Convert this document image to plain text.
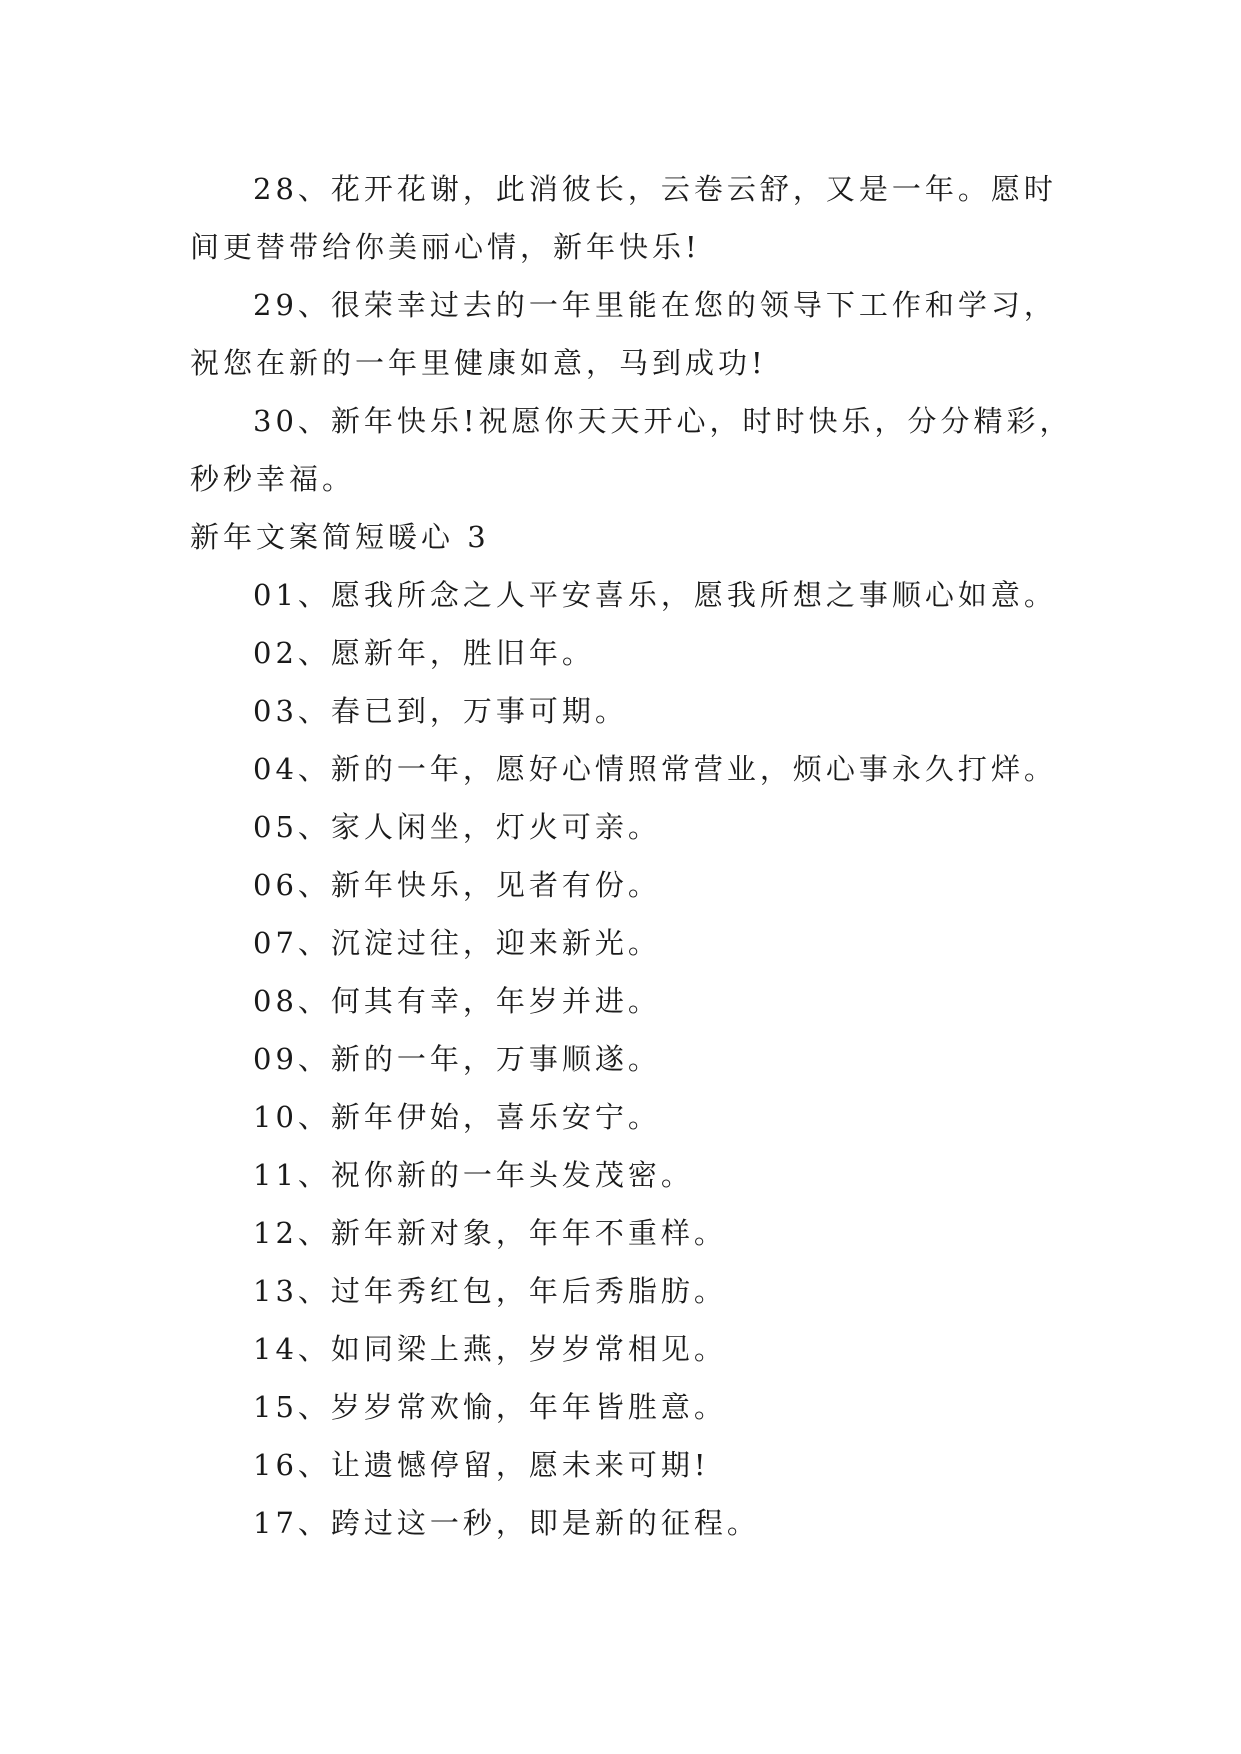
28、花开花谢，此消彼长，云卷云舒，又是一年。愿时间更替带给你美丽心情，新年快乐!

29、很荣幸过去的一年里能在您的领导下工作和学习，祝您在新的一年里健康如意，马到成功!

30、新年快乐!祝愿你天天开心，时时快乐，分分精彩，秒秒幸福。

新年文案简短暖心 3

01、愿我所念之人平安喜乐，愿我所想之事顺心如意。

02、愿新年，胜旧年。

03、春已到，万事可期。

04、新的一年，愿好心情照常营业，烦心事永久打烊。

05、家人闲坐，灯火可亲。

06、新年快乐，见者有份。

07、沉淀过往，迎来新光。

08、何其有幸，年岁并进。

09、新的一年，万事顺遂。

10、新年伊始，喜乐安宁。

11、祝你新的一年头发茂密。

12、新年新对象，年年不重样。

13、过年秀红包，年后秀脂肪。

14、如同梁上燕，岁岁常相见。

15、岁岁常欢愉，年年皆胜意。

16、让遗憾停留，愿未来可期!

17、跨过这一秒，即是新的征程。
